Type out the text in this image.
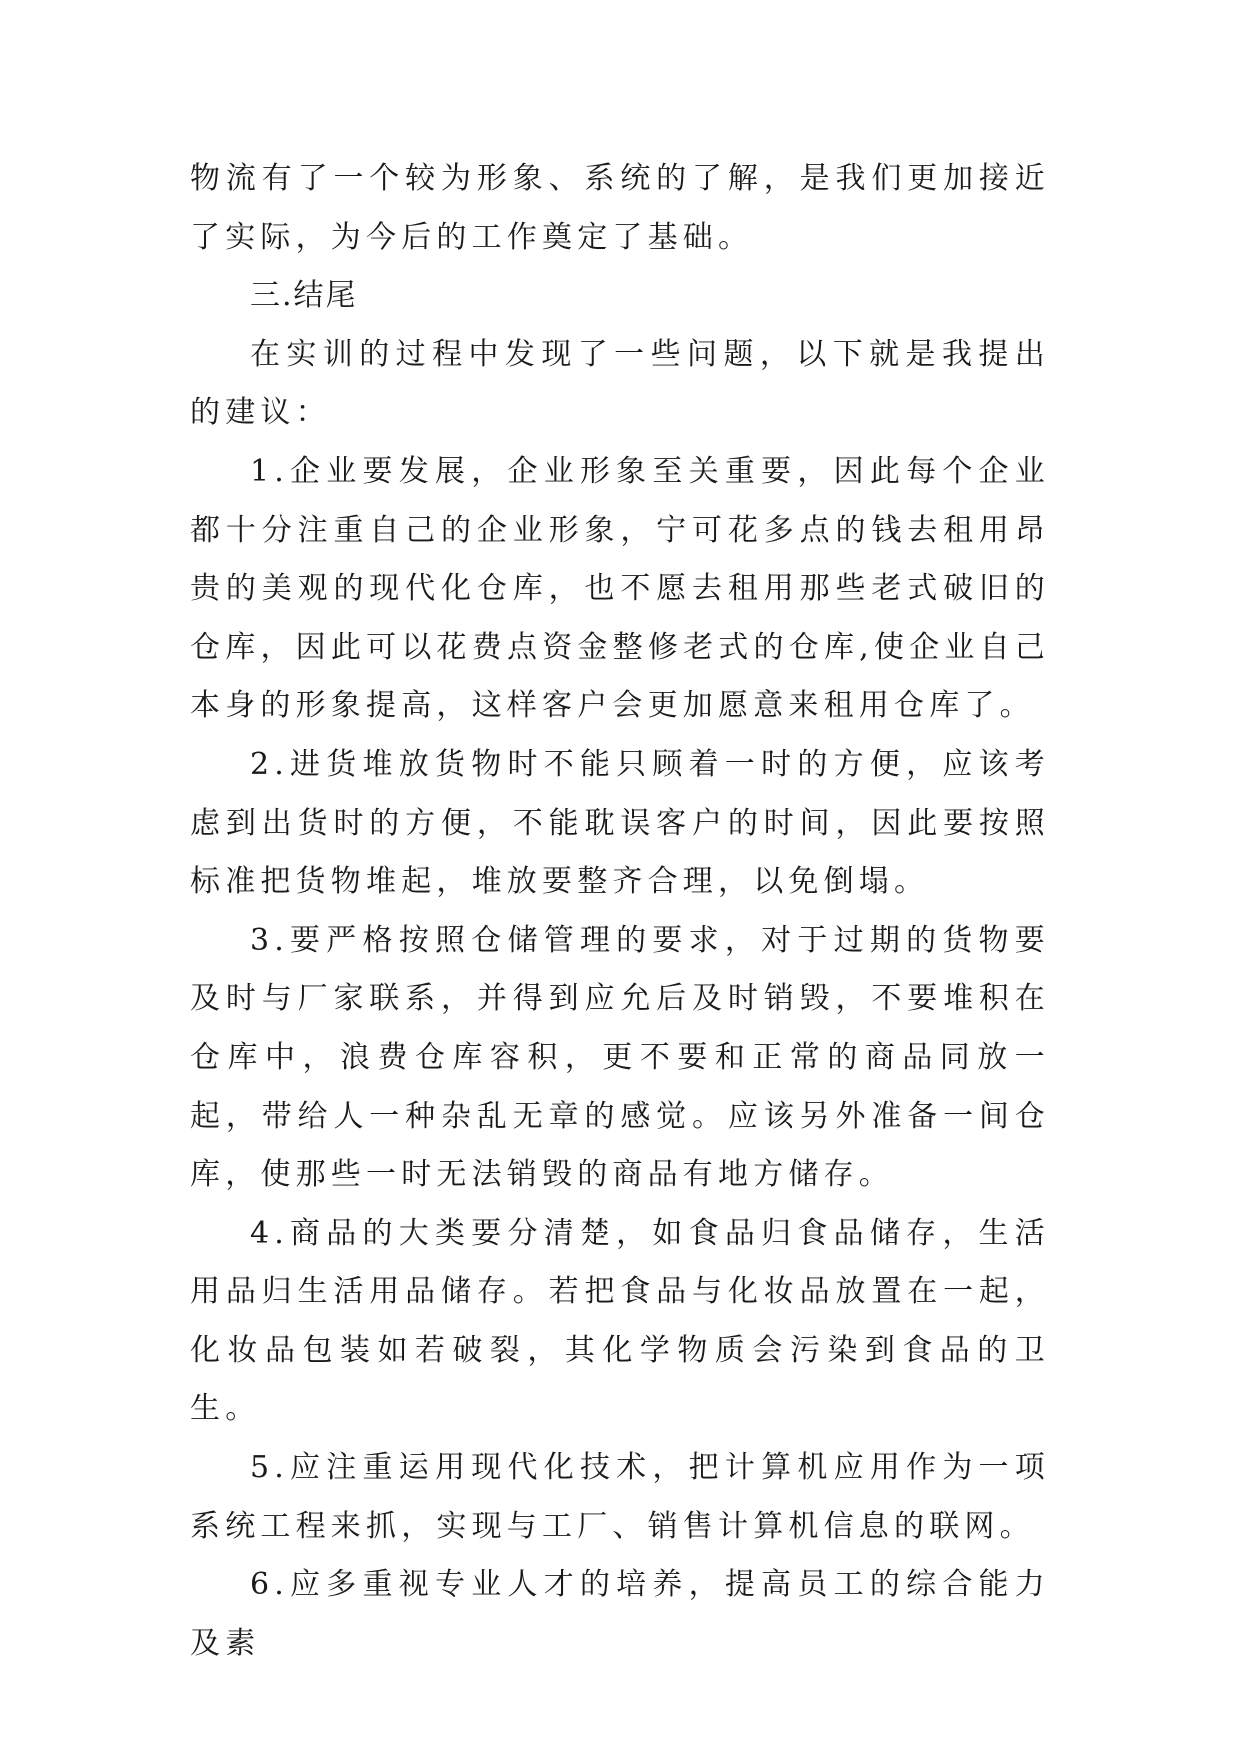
物流有了一个较为形象、系统的了解，是我们更加接近了实际，为今后的工作奠定了基础。

三.结尾

在实训的过程中发现了一些问题，以下就是我提出的建议：

1.企业要发展，企业形象至关重要，因此每个企业都十分注重自己的企业形象，宁可花多点的钱去租用昂贵的美观的现代化仓库，也不愿去租用那些老式破旧的仓库，因此可以花费点资金整修老式的仓库,使企业自己本身的形象提高，这样客户会更加愿意来租用仓库了。

2.进货堆放货物时不能只顾着一时的方便，应该考虑到出货时的方便，不能耽误客户的时间，因此要按照标准把货物堆起，堆放要整齐合理，以免倒塌。

3.要严格按照仓储管理的要求，对于过期的货物要及时与厂家联系，并得到应允后及时销毁，不要堆积在仓库中，浪费仓库容积，更不要和正常的商品同放一起，带给人一种杂乱无章的感觉。应该另外准备一间仓库，使那些一时无法销毁的商品有地方储存。

4.商品的大类要分清楚，如食品归食品储存，生活用品归生活用品储存。若把食品与化妆品放置在一起，化妆品包装如若破裂，其化学物质会污染到食品的卫生。

5.应注重运用现代化技术，把计算机应用作为一项系统工程来抓，实现与工厂、销售计算机信息的联网。

6.应多重视专业人才的培养，提高员工的综合能力及素
